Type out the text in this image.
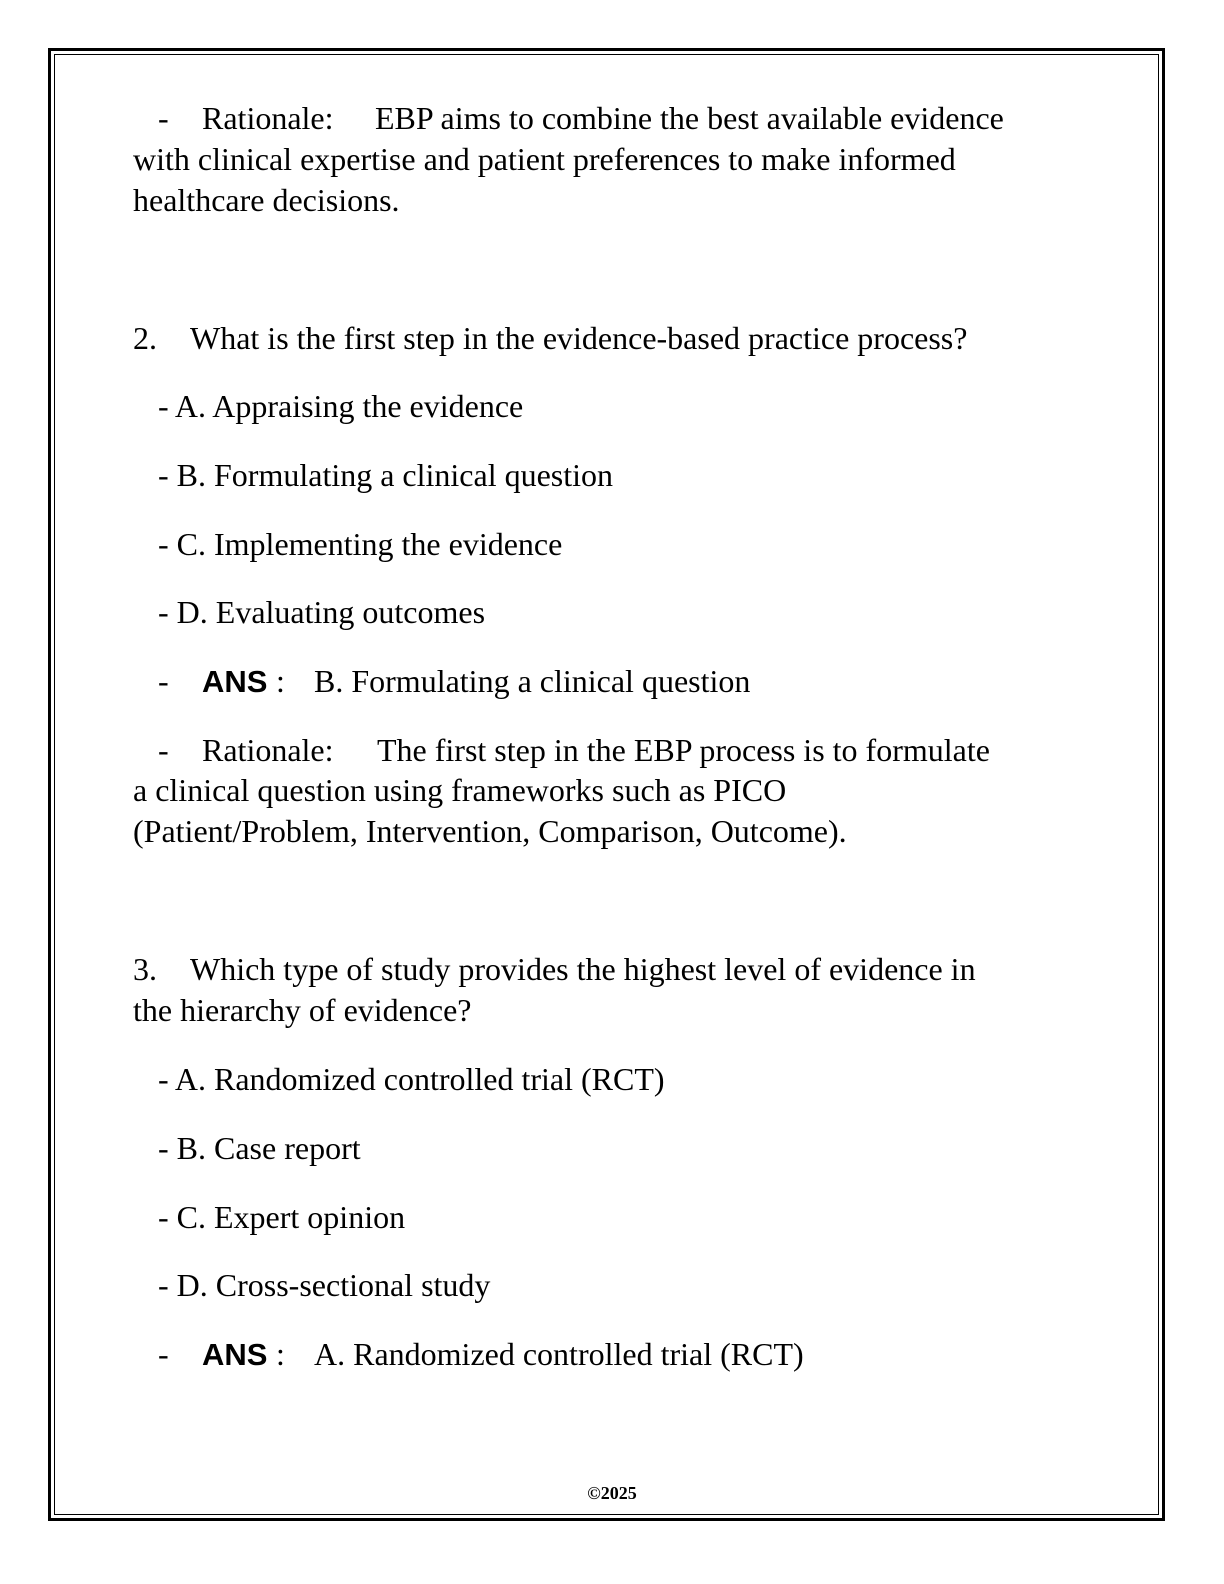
- Rationale: EBP aims to combine the best available evidence
with clinical expertise and patient preferences to make informed
healthcare decisions.
2. What is the first step in the evidence-based practice process?
- A. Appraising the evidence
- B. Formulating a clinical question
- C. Implementing the evidence
- D. Evaluating outcomes
- ANS : B. Formulating a clinical question
- Rationale: The first step in the EBP process is to formulate
a clinical question using frameworks such as PICO
(Patient/Problem, Intervention, Comparison, Outcome).
3. Which type of study provides the highest level of evidence in
the hierarchy of evidence?
- A. Randomized controlled trial (RCT)
- B. Case report
- C. Expert opinion
- D. Cross-sectional study
- ANS : A. Randomized controlled trial (RCT)
©2025
